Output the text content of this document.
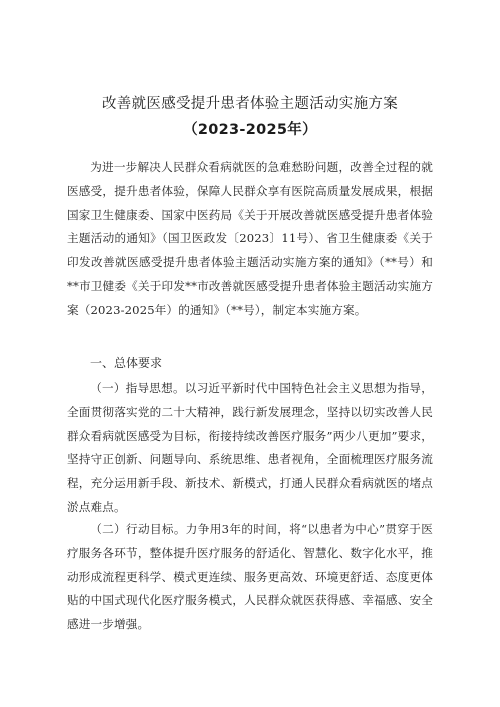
改善就医感受提升患者体验主题活动实施方案
（2023-2025年）
为进一步解决人民群众看病就医的急难愁盼问题，改善全过程的就医感受，提升患者体验，保障人民群众享有医院高质量发展成果，根据国家卫生健康委、国家中医药局《关于开展改善就医感受提升患者体验主题活动的通知》（国卫医政发〔2023〕11号）、省卫生健康委《关于印发改善就医感受提升患者体验主题活动实施方案的通知》（**号）和**市卫健委《关于印发**市改善就医感受提升患者体验主题活动实施方案（2023-2025年）的通知》（**号），制定本实施方案。
一、总体要求
（一）指导思想。以习近平新时代中国特色社会主义思想为指导，全面贯彻落实党的二十大精神，践行新发展理念，坚持以切实改善人民群众看病就医感受为目标，衔接持续改善医疗服务”两少八更加”要求，坚持守正创新、问题导向、系统思维、患者视角，全面梳理医疗服务流程，充分运用新手段、新技术、新模式，打通人民群众看病就医的堵点淤点难点。
（二）行动目标。力争用3年的时间，将“以患者为中心”贯穿于医疗服务各环节，整体提升医疗服务的舒适化、智慧化、数字化水平，推动形成流程更科学、模式更连续、服务更高效、环境更舒适、态度更体贴的中国式现代化医疗服务模式，人民群众就医获得感、幸福感、安全感进一步增强。
